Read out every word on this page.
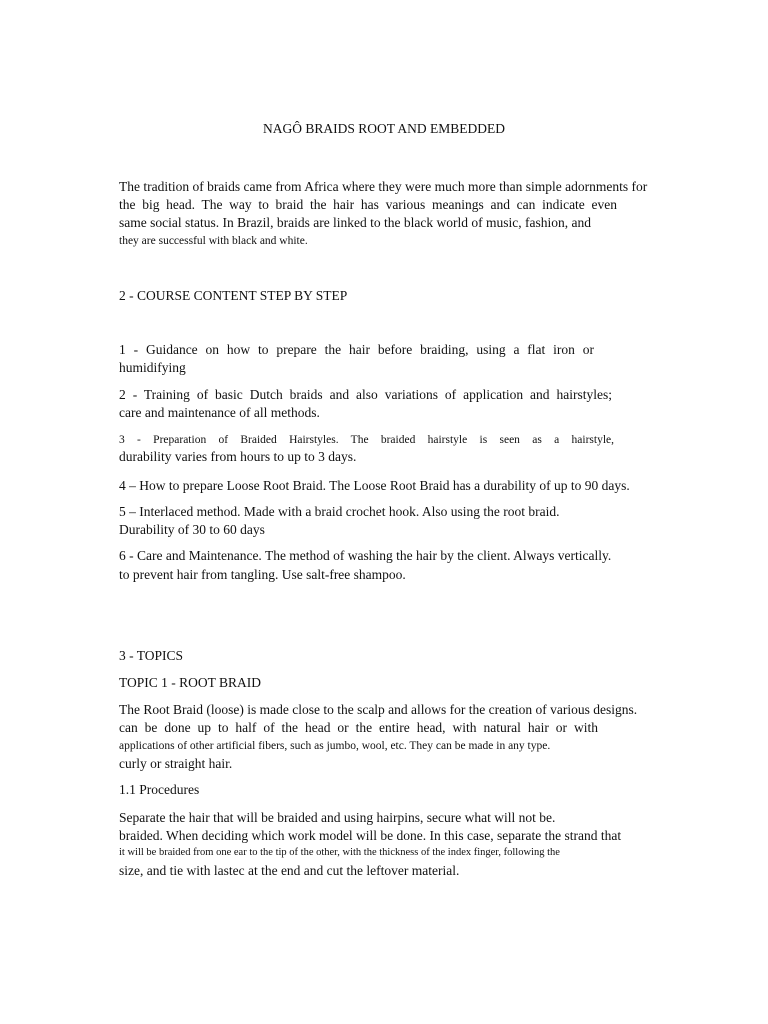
NAGÔ BRAIDS ROOT AND EMBEDDED
The tradition of braids came from Africa where they were much more than simple adornments for
the big head. The way to braid the hair has various meanings and can indicate even
same social status. In Brazil, braids are linked to the black world of music, fashion, and
they are successful with black and white.
2 - COURSE CONTENT STEP BY STEP
1 - Guidance on how to prepare the hair before braiding, using a flat iron or
humidifying
2 - Training of basic Dutch braids and also variations of application and hairstyles;
care and maintenance of all methods.
3 - Preparation of Braided Hairstyles. The braided hairstyle is seen as a hairstyle,
durability varies from hours to up to 3 days.
4 – How to prepare Loose Root Braid. The Loose Root Braid has a durability of up to 90 days.
5 – Interlaced method. Made with a braid crochet hook. Also using the root braid.
Durability of 30 to 60 days
6 - Care and Maintenance. The method of washing the hair by the client. Always vertically.
to prevent hair from tangling. Use salt-free shampoo.
3 - TOPICS
TOPIC 1 - ROOT BRAID
The Root Braid (loose) is made close to the scalp and allows for the creation of various designs.
can be done up to half of the head or the entire head, with natural hair or with
applications of other artificial fibers, such as jumbo, wool, etc. They can be made in any type.
curly or straight hair.
1.1 Procedures
Separate the hair that will be braided and using hairpins, secure what will not be.
braided. When deciding which work model will be done. In this case, separate the strand that
it will be braided from one ear to the tip of the other, with the thickness of the index finger, following the
size, and tie with lastec at the end and cut the leftover material.
